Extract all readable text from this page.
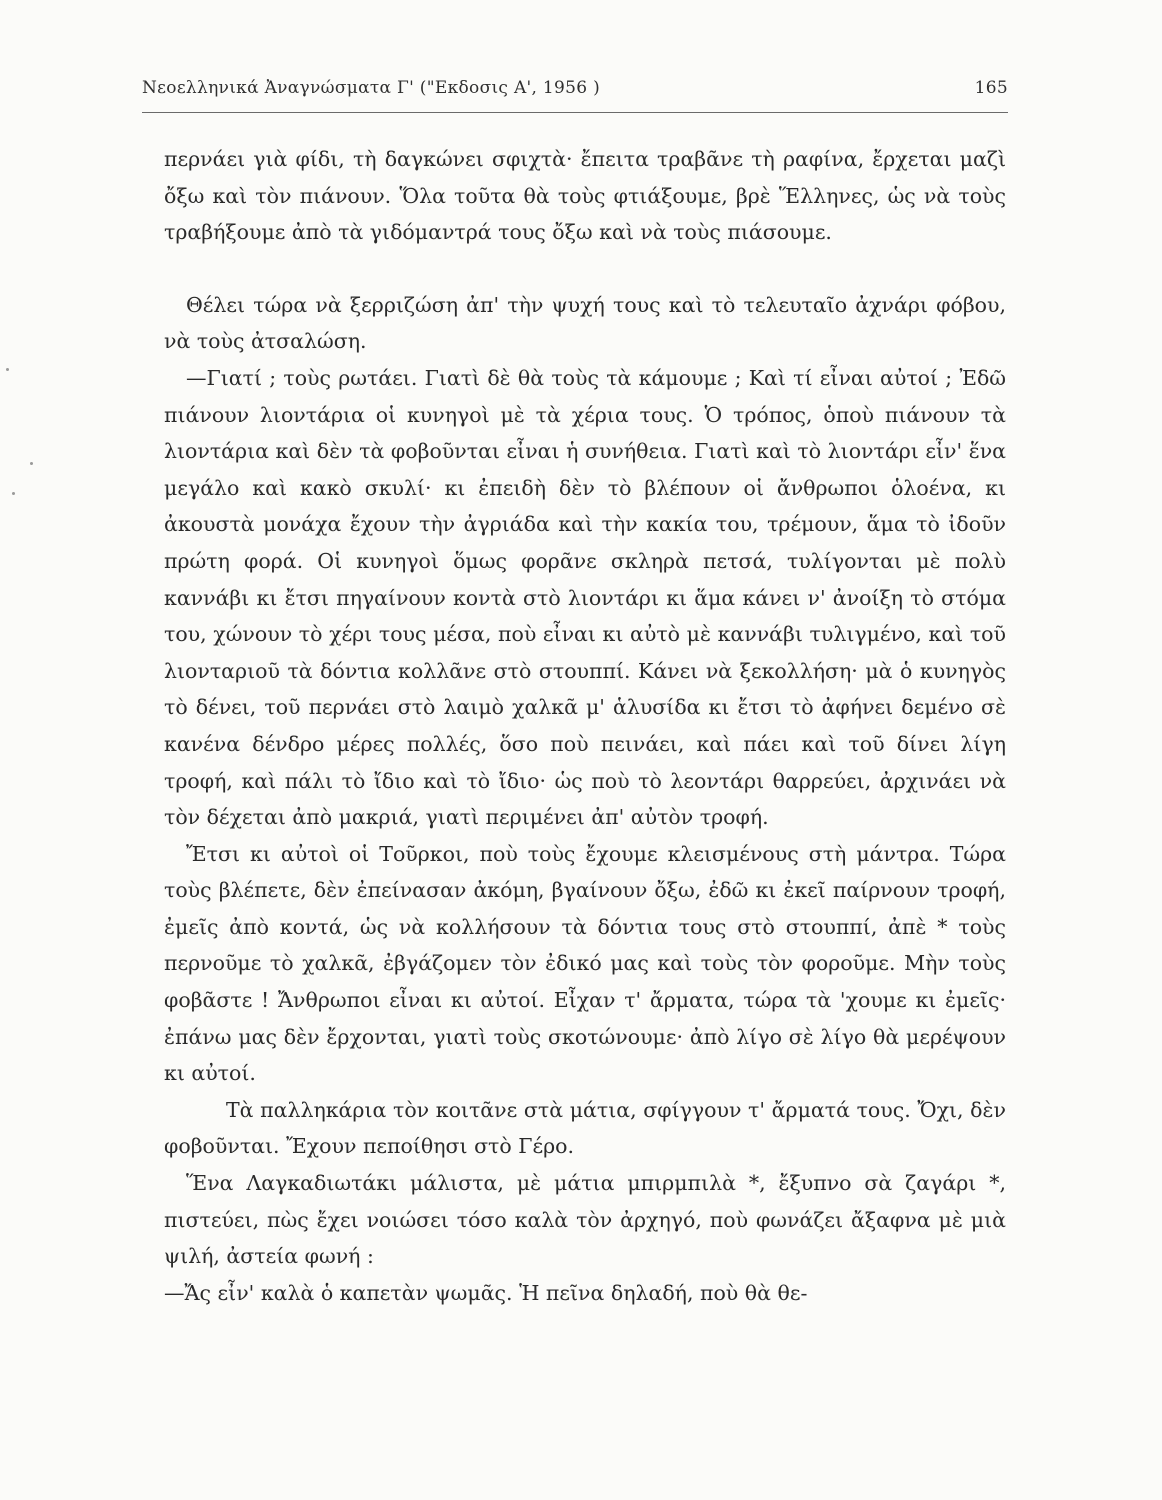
Νεοελληνικά Ἀναγνώσματα Γ' ("Εκδοσις Α', 1956 )	165

περνάει γιὰ φίδι, τὴ δαγκώνει σφιχτὰ· ἔπειτα τραβᾶνε τὴ ραφίνα, ἔρχεται μαζὶ ὄξω καὶ τὸν πιάνουν. Ὅλα τοῦτα θὰ τοὺς φτιάξουμε, βρὲ Ἕλληνες, ὡς νὰ τοὺς τραβήξουμε ἀπὸ τὰ γιδόμαντρά τους ὄξω καὶ νὰ τοὺς πιάσουμε.

Θέλει τώρα νὰ ξερριζώση ἀπ' τὴν ψυχή τους καὶ τὸ τελευταῖο ἀχνάρι φόβου, νὰ τοὺς ἀτσαλώση.

—Γιατί ; τοὺς ρωτάει. Γιατὶ δὲ θὰ τοὺς τὰ κάμουμε ; Καὶ τί εἶναι αὐτοί ; Ἐδῶ πιάνουν λιοντάρια οἱ κυνηγοὶ μὲ τὰ χέρια τους. Ὁ τρόπος, ὁποὺ πιάνουν τὰ λιοντάρια καὶ δὲν τὰ φοβοῦνται εἶναι ἡ συνήθεια. Γιατὶ καὶ τὸ λιοντάρι εἶν' ἕνα μεγάλο καὶ κακὸ σκυλί· κι ἐπειδὴ δὲν τὸ βλέπουν οἱ ἄνθρωποι ὁλοένα, κι ἀκουστὰ μονάχα ἔχουν τὴν ἀγριάδα καὶ τὴν κακία του, τρέμουν, ἅμα τὸ ἰδοῦν πρώτη φορά. Οἱ κυνηγοὶ ὅμως φορᾶνε σκληρὰ πετσά, τυλίγονται μὲ πολὺ καννάβι κι ἔτσι πηγαίνουν κοντὰ στὸ λιοντάρι κι ἅμα κάνει ν' ἀνοίξη τὸ στόμα του, χώνουν τὸ χέρι τους μέσα, ποὺ εἶναι κι αὐτὸ μὲ καννάβι τυλιγμένο, καὶ τοῦ λιονταριοῦ τὰ δόντια κολλᾶνε στὸ στουππί. Κάνει νὰ ξεκολλήση· μὰ ὁ κυνηγὸς τὸ δένει, τοῦ περνάει στὸ λαιμὸ χαλκᾶ μ' ἁλυσίδα κι ἔτσι τὸ ἀφήνει δεμένο σὲ κανένα δένδρο μέρες πολλές, ὅσο ποὺ πεινάει, καὶ πάει καὶ τοῦ δίνει λίγη τροφή, καὶ πάλι τὸ ἴδιο καὶ τὸ ἴδιο· ὡς ποὺ τὸ λεοντάρι θαρρεύει, ἀρχινάει νὰ τὸν δέχεται ἀπὸ μακριά, γιατὶ περιμένει ἀπ' αὐτὸν τροφή.

Ἔτσι κι αὐτοὶ οἱ Τοῦρκοι, ποὺ τοὺς ἔχουμε κλεισμένους στὴ μάντρα. Τώρα τοὺς βλέπετε, δὲν ἐπείνασαν ἀκόμη, βγαίνουν ὄξω, ἐδῶ κι ἐκεῖ παίρνουν τροφή, ἐμεῖς ἀπὸ κοντά, ὡς νὰ κολλήσουν τὰ δόντια τους στὸ στουππί, ἀπὲ * τοὺς περνοῦμε τὸ χαλκᾶ, ἐβγάζομεν τὸν ἐδικό μας καὶ τοὺς τὸν φοροῦμε. Μὴν τοὺς φοβᾶστε ! Ἄνθρωποι εἶναι κι αὐτοί. Εἶχαν τ' ἄρματα, τώρα τὰ 'χουμε κι ἐμεῖς· ἐπάνω μας δὲν ἔρχονται, γιατὶ τοὺς σκοτώνουμε· ἀπὸ λίγο σὲ λίγο θὰ μερέψουν κι αὐτοί.

Τὰ παλληκάρια τὸν κοιτᾶνε στὰ μάτια, σφίγγουν τ' ἄρματά τους. Ὄχι, δὲν φοβοῦνται. Ἔχουν πεποίθησι στὸ Γέρο.

Ἕνα Λαγκαδιωτάκι μάλιστα, μὲ μάτια μπιρμπιλὰ *, ἔξυπνο σὰ ζαγάρι *, πιστεύει, πὼς ἔχει νοιώσει τόσο καλὰ τὸν ἀρχηγό, ποὺ φωνάζει ἄξαφνα μὲ μιὰ ψιλή, ἀστεία φωνή :

—Ἄς εἶν' καλὰ ὁ καπετὰν ψωμᾶς. Ἡ πεῖνα δηλαδή, ποὺ θὰ θε-
